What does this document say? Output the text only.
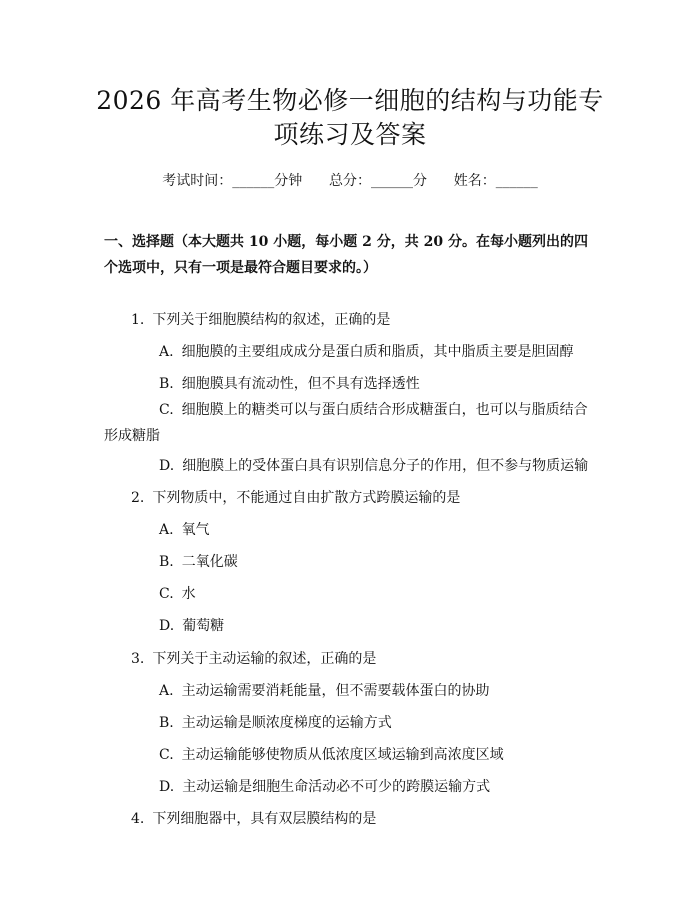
2026 年高考生物必修一细胞的结构与功能专
项练习及答案
考试时间：______分钟      总分：______分      姓名：______
一、选择题（本大题共 10 小题，每小题 2 分，共 20 分。在每小题列出的四个选项中，只有一项是最符合题目要求的。）
1. 下列关于细胞膜结构的叙述，正确的是
A. 细胞膜的主要组成成分是蛋白质和脂质，其中脂质主要是胆固醇
B. 细胞膜具有流动性，但不具有选择透性
C. 细胞膜上的糖类可以与蛋白质结合形成糖蛋白，也可以与脂质结合形成糖脂
D. 细胞膜上的受体蛋白具有识别信息分子的作用，但不参与物质运输
2. 下列物质中，不能通过自由扩散方式跨膜运输的是
A. 氧气
B. 二氧化碳
C. 水
D. 葡萄糖
3. 下列关于主动运输的叙述，正确的是
A. 主动运输需要消耗能量，但不需要载体蛋白的协助
B. 主动运输是顺浓度梯度的运输方式
C. 主动运输能够使物质从低浓度区域运输到高浓度区域
D. 主动运输是细胞生命活动必不可少的跨膜运输方式
4. 下列细胞器中，具有双层膜结构的是
